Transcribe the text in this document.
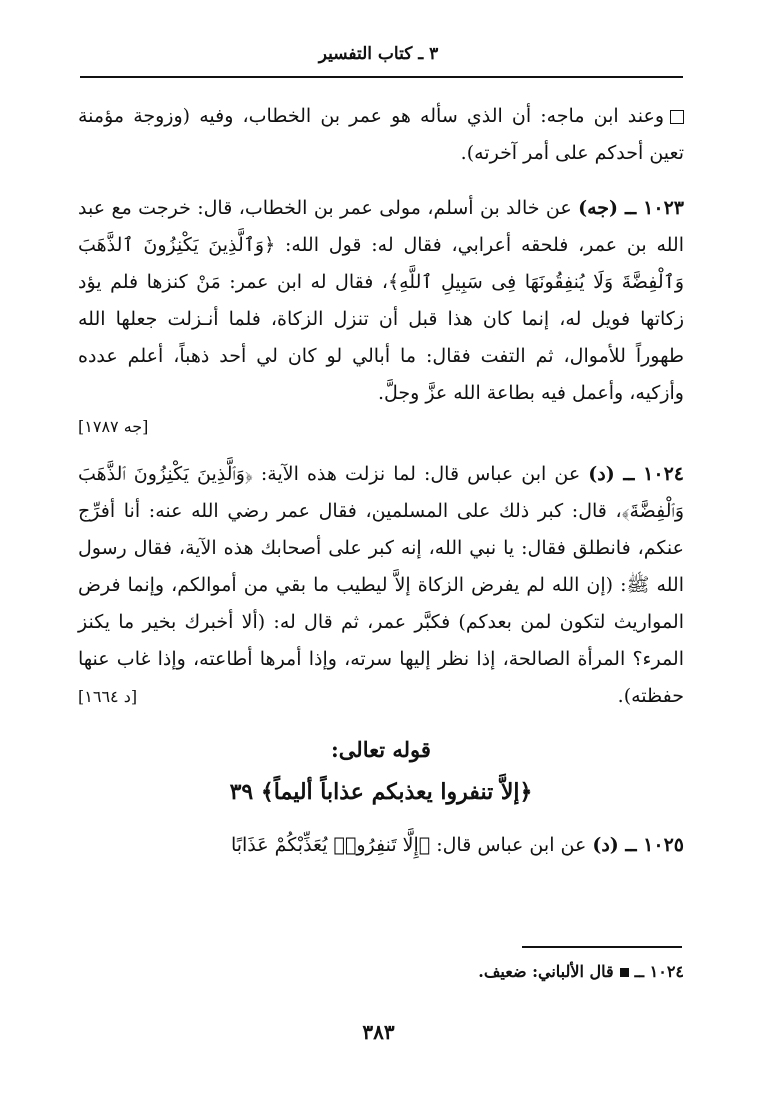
٣ ـ كتاب التفسير

وعند ابن ماجه: أن الذي سأله هو عمر بن الخطاب، وفيه (وزوجة مؤمنة تعين أحدكم على أمر آخرته).

١٠٢٣ ــ (جه) عن خالد بن أسلم، مولى عمر بن الخطاب، قال: خرجت مع عبد الله بن عمر، فلحقه أعرابي، فقال له: قول الله: ﴿وَٱلَّذِينَ يَكْنِزُونَ ٱلذَّهَبَ وَٱلْفِضَّةَ وَلَا يُنفِقُونَهَا فِى سَبِيلِ ٱللَّهِ﴾، فقال له ابن عمر: مَنْ كنزها فلم يؤد زكاتها فويل له، إنما كان هذا قبل أن تنزل الزكاة، فلما أنـزلت جعلها الله طهوراً للأموال، ثم التفت فقال: ما أبالي لو كان لي أحد ذهباً، أعلم عدده وأزكيه، وأعمل فيه بطاعة الله عزَّ وجلَّ.

[جه ١٧٨٧]

١٠٢٤ ــ (د) عن ابن عباس قال: لما نزلت هذه الآية: ﴿وَٱلَّذِينَ يَكْنِزُونَ ٱلذَّهَبَ وَٱلْفِضَّةَ﴾، قال: كبر ذلك على المسلمين، فقال عمر رضي الله عنه: أنا أفرِّج عنكم، فانطلق فقال: يا نبي الله، إنه كبر على أصحابك هذه الآية، فقال رسول الله ﷺ: (إن الله لم يفرض الزكاة إلاَّ ليطيب ما بقي من أموالكم، وإنما فرض المواريث لتكون لمن بعدكم) فكبَّر عمر، ثم قال له: (ألا أخبرك بخير ما يكنز المرء؟ المرأة الصالحة، إذا نظر إليها سرته، وإذا أمرها أطاعته، وإذا غاب عنها حفظته).
[د ١٦٦٤]

قوله تعالى:
﴿إلاَّ تنفروا يعذبكم عذاباً أليماً﴾ ٣٩

١٠٢٥ ــ (د) عن ابن عباس قال: ﴿إِلَّا تَنفِرُوا۟ يُعَذِّبْكُمْ عَذَابًا

١٠٢٤ ــقال الألباني: ضعيف.
٣٨٣
